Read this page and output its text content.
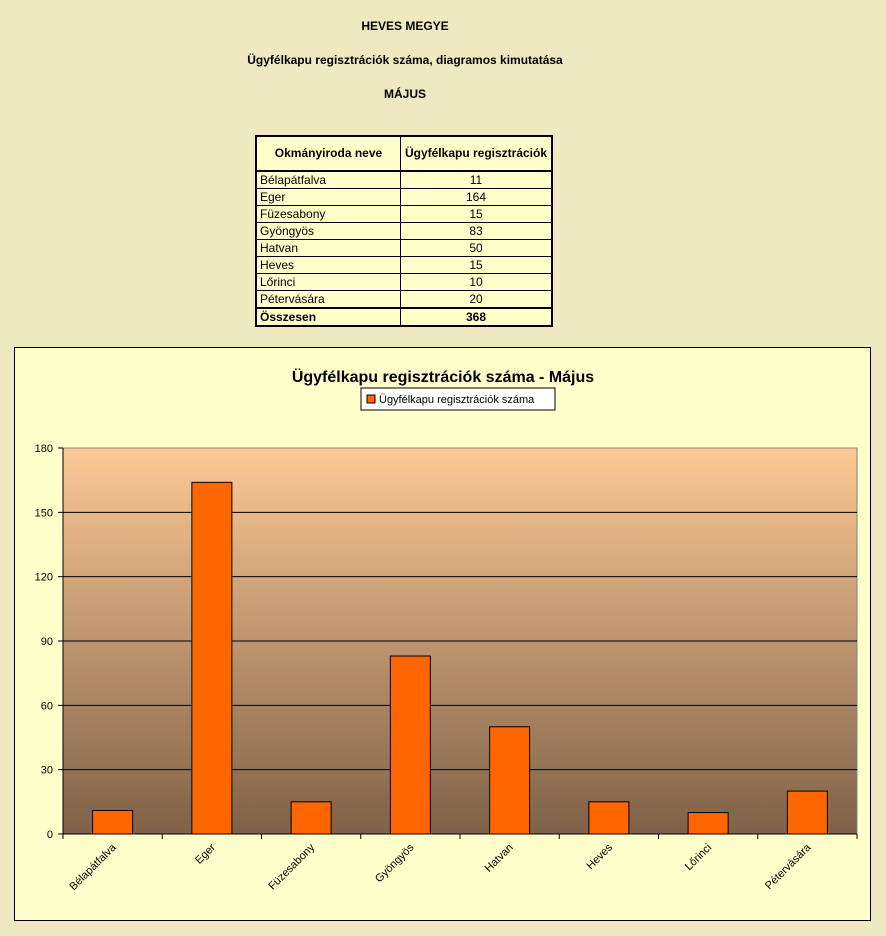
HEVES MEGYE
Ügyfélkapu regisztrációk száma, diagramos kimutatása
MÁJUS
Okmányiroda neve	Ügyfélkapu regisztrációk
Bélapátfalva	11
Eger	164
Füzesabony	15
Gyöngyös	83
Hatvan	50
Heves	15
Lőrinci	10
Pétervására	20
Összesen	368
Ügyfélkapu regisztrációk száma - Május
Ügyfélkapu regisztrációk száma
0
30
60
90
120
150
180
Bélapátfalva	Eger	Füzesabony	Gyöngyös	Hatvan	Heves	Lőrinci	Pétervására
